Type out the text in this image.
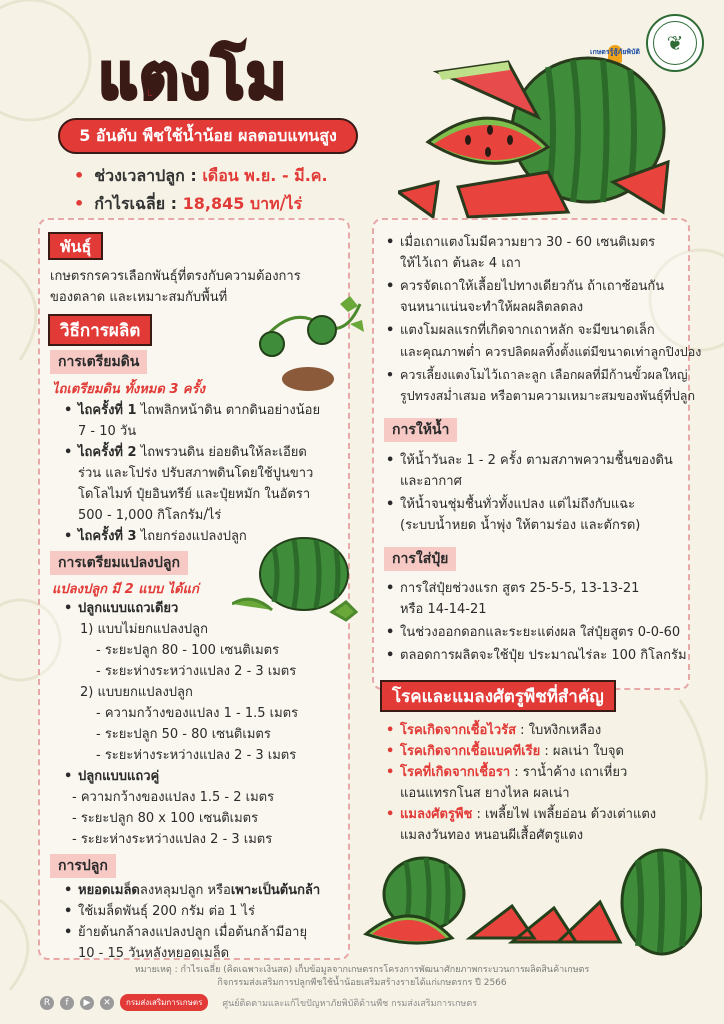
เกษตรรู้สู้ภัยพิบัติ	❦
แตงโม
5 อันดับ พืชใช้น้ำน้อย ผลตอบแทนสูง
• ช่วงเวลาปลูก : เดือน พ.ย. - มี.ค.
• กำไรเฉลี่ย : 18,845 บาท/ไร่
พันธุ์
เกษตรกรควรเลือกพันธุ์ที่ตรงกับความต้องการ
ของตลาด และเหมาะสมกับพื้นที่
วิธีการผลิต
การเตรียมดิน
ไถเตรียมดิน ทั้งหมด 3 ครั้ง
• ไถครั้งที่ 1 ไถพลิกหน้าดิน ตากดินอย่างน้อย
7 - 10 วัน
• ไถครั้งที่ 2 ไถพรวนดิน ย่อยดินให้ละเอียด
ร่วน และโปร่ง ปรับสภาพดินโดยใช้ปูนขาว
โดโลไมท์ ปุ๋ยอินทรีย์ และปุ๋ยหมัก ในอัตรา
500 - 1,000 กิโลกรัม/ไร่
• ไถครั้งที่ 3 ไถยกร่องแปลงปลูก
การเตรียมแปลงปลูก
แปลงปลูก มี 2 แบบ ได้แก่
• ปลูกแบบแถวเดียว
1) แบบไม่ยกแปลงปลูก
- ระยะปลูก 80 - 100 เซนติเมตร
- ระยะห่างระหว่างแปลง 2 - 3 เมตร
2) แบบยกแปลงปลูก
- ความกว้างของแปลง 1 - 1.5 เมตร
- ระยะปลูก 50 - 80 เซนติเมตร
- ระยะห่างระหว่างแปลง 2 - 3 เมตร
• ปลูกแบบแถวคู่
- ความกว้างของแปลง 1.5 - 2 เมตร
- ระยะปลูก 80 x 100 เซนติเมตร
- ระยะห่างระหว่างแปลง 2 - 3 เมตร
การปลูก
• หยอดเมล็ดลงหลุมปลูก หรือเพาะเป็นต้นกล้า
• ใช้เมล็ดพันธุ์ 200 กรัม ต่อ 1 ไร่
• ย้ายต้นกล้าลงแปลงปลูก เมื่อต้นกล้ามีอายุ
10 - 15 วันหลังหยอดเมล็ด
• เมื่อเถาแตงโมมีความยาว 30 - 60 เซนติเมตร
ให้ไว้เถา ต้นละ 4 เถา
• ควรจัดเถาให้เลื้อยไปทางเดียวกัน ถ้าเถาซ้อนกัน
จนหนาแน่นจะทำให้ผลผลิตลดลง
• แตงโมผลแรกที่เกิดจากเถาหลัก จะมีขนาดเล็ก
และคุณภาพต่ำ ควรปลิดผลทิ้งตั้งแต่มีขนาดเท่าลูกปิงปอง
• ควรเลี้ยงแตงโมไว้เถาละลูก เลือกผลที่มีก้านขั้วผลใหญ่
รูปทรงสม่ำเสมอ หรือตามความเหมาะสมของพันธุ์ที่ปลูก
การให้น้ำ
• ให้น้ำวันละ 1 - 2 ครั้ง ตามสภาพความชื้นของดิน
และอากาศ
• ให้น้ำจนชุ่มชื้นทั่วทั้งแปลง แต่ไม่ถึงกับแฉะ
(ระบบน้ำหยด น้ำพุ่ง ให้ตามร่อง และตักรด)
การใส่ปุ๋ย
• การใส่ปุ๋ยช่วงแรก สูตร 25-5-5, 13-13-21
หรือ 14-14-21
• ในช่วงออกดอกและระยะแต่งผล ใส่ปุ๋ยสูตร 0-0-60
• ตลอดการผลิตจะใช้ปุ๋ย ประมาณไร่ละ 100 กิโลกรัม
โรคและแมลงศัตรูพืชที่สำคัญ
• โรคเกิดจากเชื้อไวรัส : ใบหงิกเหลือง
• โรคเกิดจากเชื้อแบคทีเรีย : ผลเน่า ใบจุด
• โรคที่เกิดจากเชื้อรา : ราน้ำค้าง เถาเหี่ยว
แอนแทรกโนส ยางไหล ผลเน่า
• แมลงศัตรูพืช : เพลี้ยไฟ เพลี้ยอ่อน ด้วงเต่าแตง
แมลงวันทอง หนอนผีเสื้อศัตรูแตง
หมายเหตุ : กำไรเฉลี่ย (คิดเฉพาะเงินสด) เก็บข้อมูลจากเกษตรกรโครงการพัฒนาศักยภาพกระบวนการผลิตสินค้าเกษตร
กิจกรรมส่งเสริมการปลูกพืชใช้น้ำน้อยเสริมสร้างรายได้แก่เกษตรกร ปี 2566
R	f	▶	✕	กรมส่งเสริมการเกษตร	ศูนย์ติดตามและแก้ไขปัญหาภัยพิบัติด้านพืช กรมส่งเสริมการเกษตร
